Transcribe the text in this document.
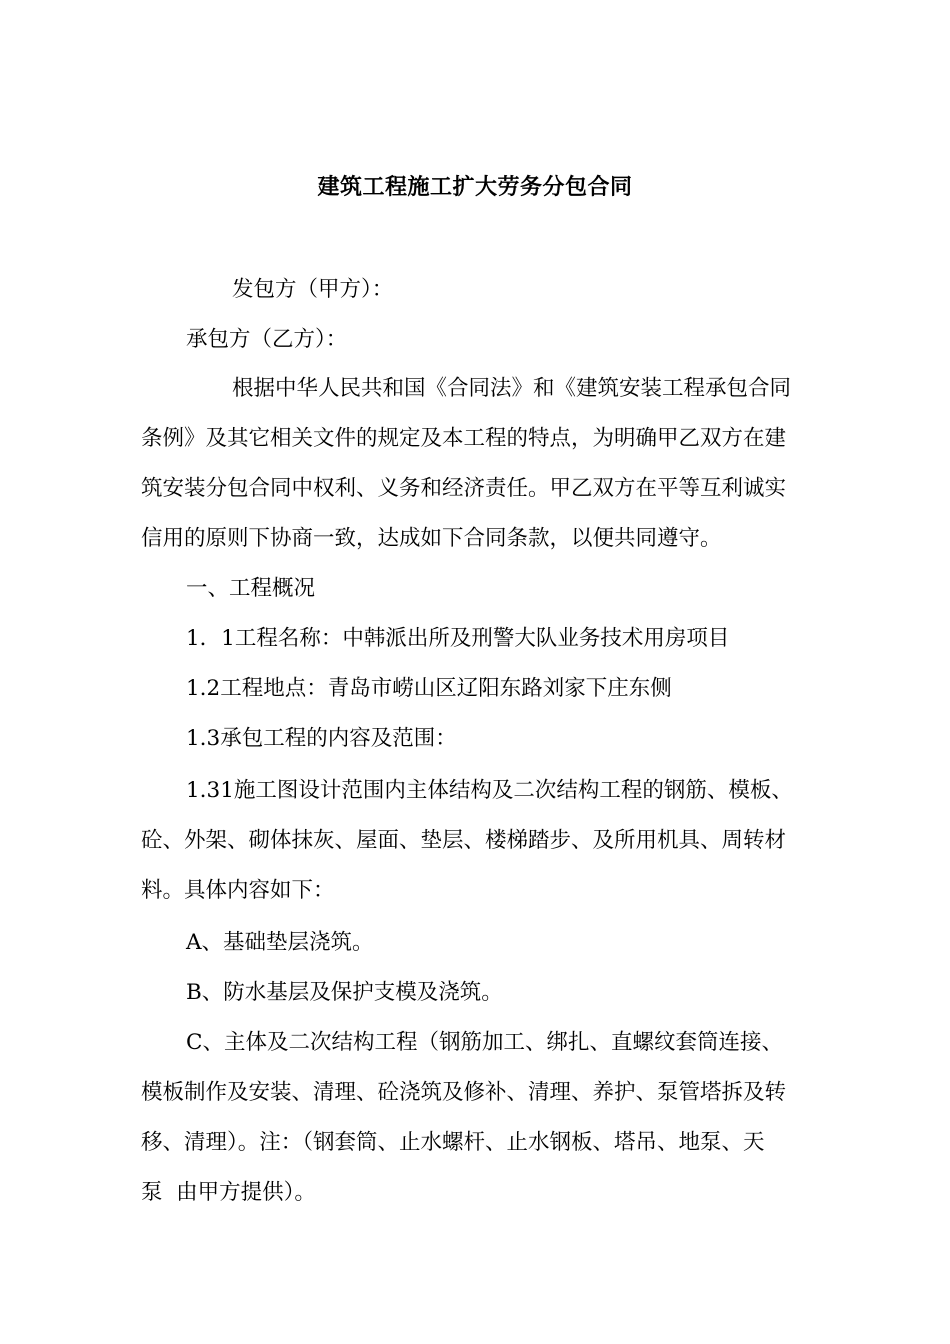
建筑工程施工扩大劳务分包合同
发包方（甲方）：
承包方（乙方）：
根据中华人民共和国《合同法》和《建筑安装工程承包合同
条例》及其它相关文件的规定及本工程的特点，为明确甲乙双方在建
筑安装分包合同中权利、义务和经济责任。甲乙双方在平等互利诚实
信用的原则下协商一致，达成如下合同条款，以便共同遵守。
一、工程概况
1．1工程名称：中韩派出所及刑警大队业务技术用房项目
1.2工程地点：青岛市崂山区辽阳东路刘家下庄东侧
1.3承包工程的内容及范围：
1.31施工图设计范围内主体结构及二次结构工程的钢筋、模板、
砼、外架、砌体抹灰、屋面、垫层、楼梯踏步、及所用机具、周转材
料。具体内容如下：
A、基础垫层浇筑。
B、防水基层及保护支模及浇筑。
C、主体及二次结构工程（钢筋加工、绑扎、直螺纹套筒连接、
模板制作及安装、清理、砼浇筑及修补、清理、养护、泵管塔拆及转
移、清理）。注：（钢套筒、止水螺杆、止水钢板、塔吊、地泵、天
泵  由甲方提供）。
